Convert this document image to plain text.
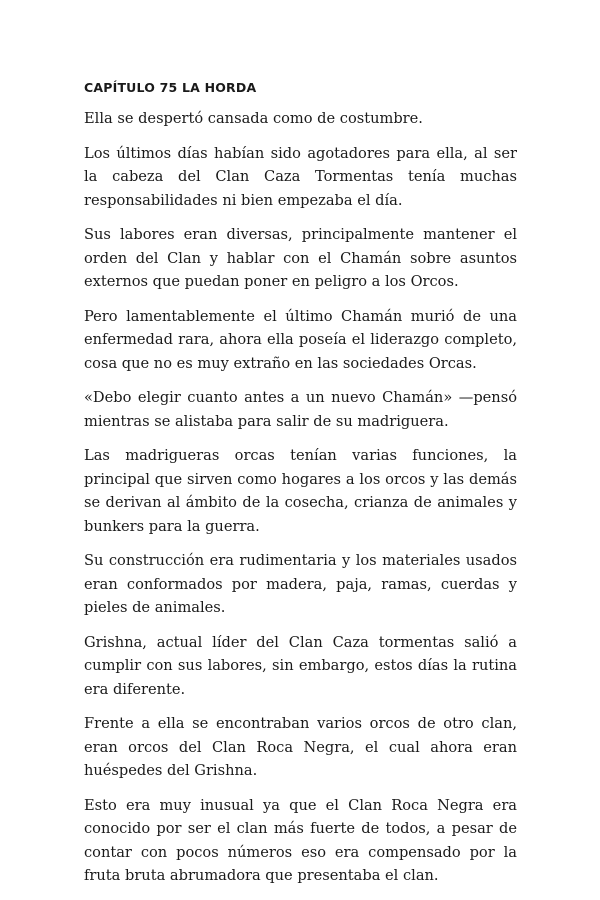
CAPÍTULO 75 LA HORDA

Ella se despertó cansada como de costumbre.

Los últimos días habían sido agotadores para ella, al ser la cabeza del Clan Caza Tormentas tenía muchas responsabilidades ni bien empezaba el día.

Sus labores eran diversas, principalmente mantener el orden del Clan y hablar con el Chamán sobre asuntos externos que puedan poner en peligro a los Orcos.

Pero lamentablemente el último Chamán murió de una enfermedad rara, ahora ella poseía el liderazgo completo, cosa que no es muy extraño en las sociedades Orcas.

«Debo elegir cuanto antes a un nuevo Chamán» —pensó mientras se alistaba para salir de su madriguera.

Las madrigueras orcas tenían varias funciones, la principal que sirven como hogares a los orcos y las demás se derivan al ámbito de la cosecha, crianza de animales y bunkers para la guerra.

Su construcción era rudimentaria y los materiales usados eran conformados por madera, paja, ramas, cuerdas y pieles de animales.

Grishna, actual líder del Clan Caza tormentas salió a cumplir con sus labores, sin embargo, estos días la rutina era diferente.

Frente a ella se encontraban varios orcos de otro clan, eran orcos del Clan Roca Negra, el cual ahora eran huéspedes del Grishna.

Esto era muy inusual ya que el Clan Roca Negra era conocido por ser el clan más fuerte de todos, a pesar de contar con pocos números eso era compensado por la fruta bruta abrumadora que presentaba el clan.
